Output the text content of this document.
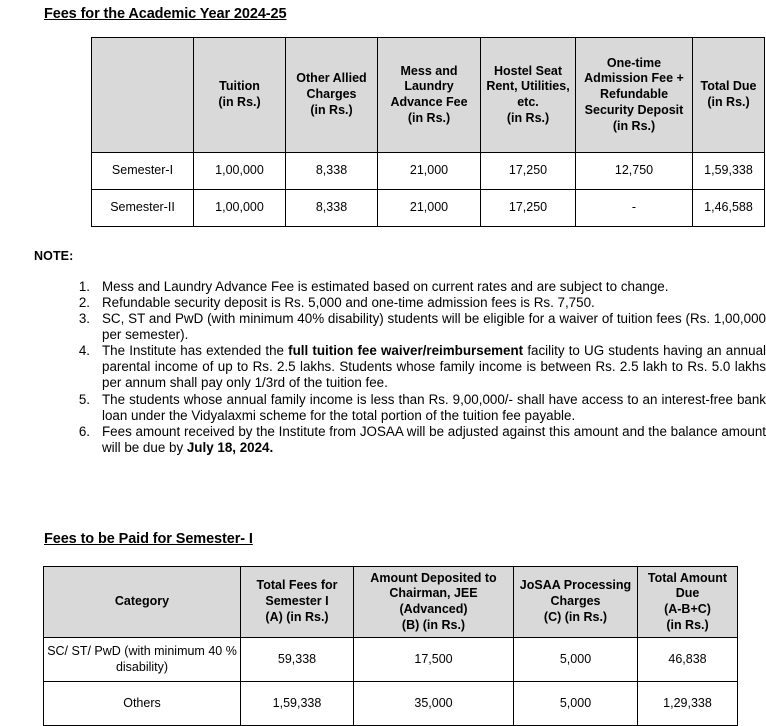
Fees for the Academic Year 2024-25

	Tuition
(in Rs.)	Other Allied
Charges
(in Rs.)	Mess and
Laundry
Advance Fee
(in Rs.)	Hostel Seat
Rent, Utilities,
etc.
(in Rs.)	One-time
Admission Fee +
Refundable
Security Deposit
(in Rs.)	Total Due
(in Rs.)

Semester-I	1,00,000	8,338	21,000	17,250	12,750	1,59,338
Semester-II	1,00,000	8,338	21,000	17,250	-	1,46,588
NOTE:
Mess and Laundry Advance Fee is estimated based on current rates and are subject to change.
Refundable security deposit is Rs. 5,000 and one-time admission fees is Rs. 7,750.
SC, ST and PwD (with minimum 40% disability) students will be eligible for a waiver of tuition fees (Rs. 1,00,000 per semester).
The Institute has extended the full tuition fee waiver/reimbursement facility to UG students having an annual parental income of up to Rs. 2.5 lakhs. Students whose family income is between Rs. 2.5 lakh to Rs. 5.0 lakhs per annum shall pay only 1/3rd of the tuition fee.
The students whose annual family income is less than Rs. 9,00,000/- shall have access to an interest-free bank loan under the Vidyalaxmi scheme for the total portion of the tuition fee payable.
Fees amount received by the Institute from JOSAA will be adjusted against this amount and the balance amount will be due by July 18, 2024.
Fees to be Paid for Semester- I
Category	Total Fees for
Semester I
(A) (in Rs.)	Amount Deposited to
Chairman, JEE (Advanced)
(B) (in Rs.)	JoSAA Processing
Charges
(C) (in Rs.)	Total Amount Due
(A-B+C)
(in Rs.)

SC/ ST/ PwD (with minimum 40 % disability)	59,338	17,500	5,000	46,838
Others	1,59,338	35,000	5,000	1,29,338
